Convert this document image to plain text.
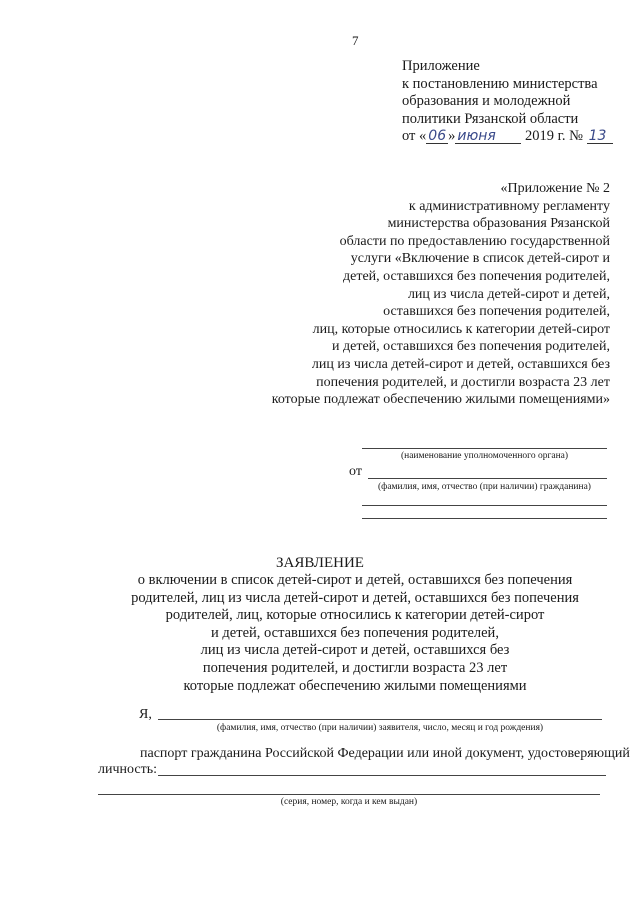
7
Приложение
к постановлению министерства
образования и молодежной
политики Рязанской области
от « 06 » июня 2019 г. № 13
«Приложение № 2
к административному регламенту
министерства образования Рязанской
области по предоставлению государственной
услуги «Включение в список детей-сирот и
детей, оставшихся без попечения родителей,
лиц из числа детей-сирот и детей,
оставшихся без попечения родителей,
лиц, которые относились к категории детей-сирот
и детей, оставшихся без попечения родителей,
лиц из числа детей-сирот и детей, оставшихся без
попечения родителей, и достигли возраста 23 лет
которые подлежат обеспечению жилыми помещениями»
(наименование уполномоченного органа)
от
(фамилия, имя, отчество (при наличии) гражданина)
ЗАЯВЛЕНИЕ
о включении в список детей-сирот и детей, оставшихся без попечения
родителей, лиц из числа детей-сирот и детей, оставшихся без попечения
родителей, лиц, которые относились к категории детей-сирот
и детей, оставшихся без попечения родителей,
лиц из числа детей-сирот и детей, оставшихся без
попечения родителей, и достигли возраста 23 лет
которые подлежат обеспечению жилыми помещениями
Я,
(фамилия, имя, отчество (при наличии) заявителя, число, месяц и год рождения)
паспорт гражданина Российской Федерации или иной документ, удостоверяющий
личность:
(серия, номер, когда и кем выдан)
